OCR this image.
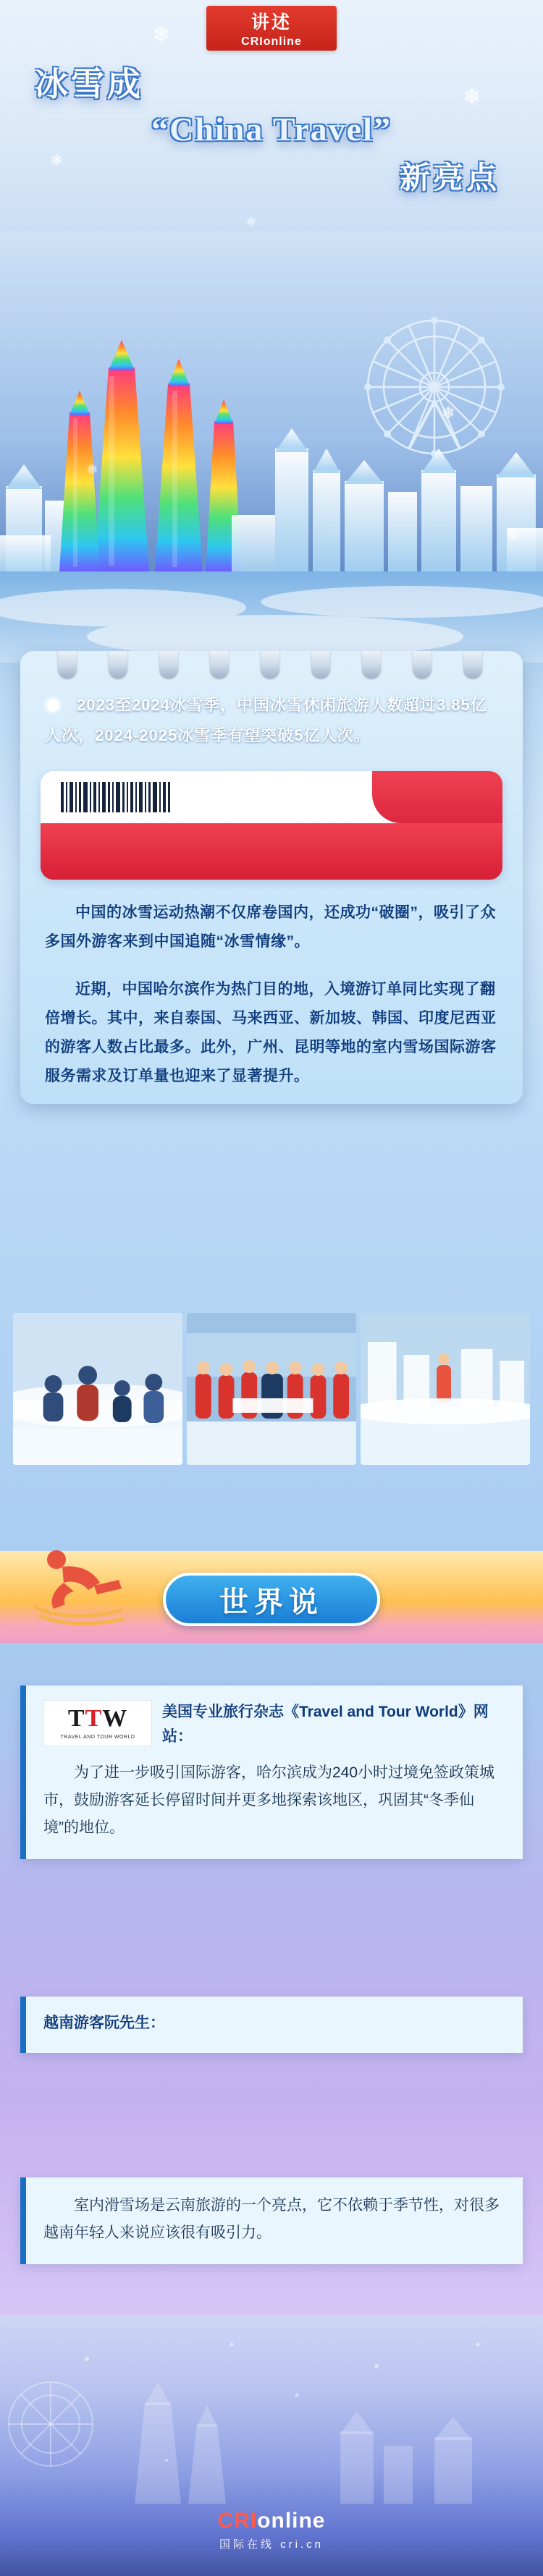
❄
❄
❄
❄
❄
❄
❄
讲述
CRIonline
冰雪成
“China Travel”
新亮点
2023至2024冰雪季，中国冰雪休闲旅游人数超过3.85亿人次，2024-2025冰雪季有望突破5亿人次。
中国的冰雪运动热潮不仅席卷国内，还成功“破圈”，吸引了众多国外游客来到中国追随“冰雪情缘”。
近期，中国哈尔滨作为热门目的地，入境游订单同比实现了翻倍增长。其中，来自泰国、马来西亚、新加坡、韩国、印度尼西亚的游客人数占比最多。此外，广州、昆明等地的室内雪场国际游客服务需求及订单量也迎来了显著提升。
世界说
TTW
TRAVEL AND TOUR WORLD
美国专业旅行杂志《Travel and Tour World》网站：
为了进一步吸引国际游客，哈尔滨成为240小时过境免签政策城市，鼓励游客延长停留时间并更多地探索该地区，巩固其“冬季仙境”的地位。
越南游客阮先生：
室内滑雪场是云南旅游的一个亮点，它不依赖于季节性，对很多越南年轻人来说应该很有吸引力。
CRIonline
国际在线 cri.cn
